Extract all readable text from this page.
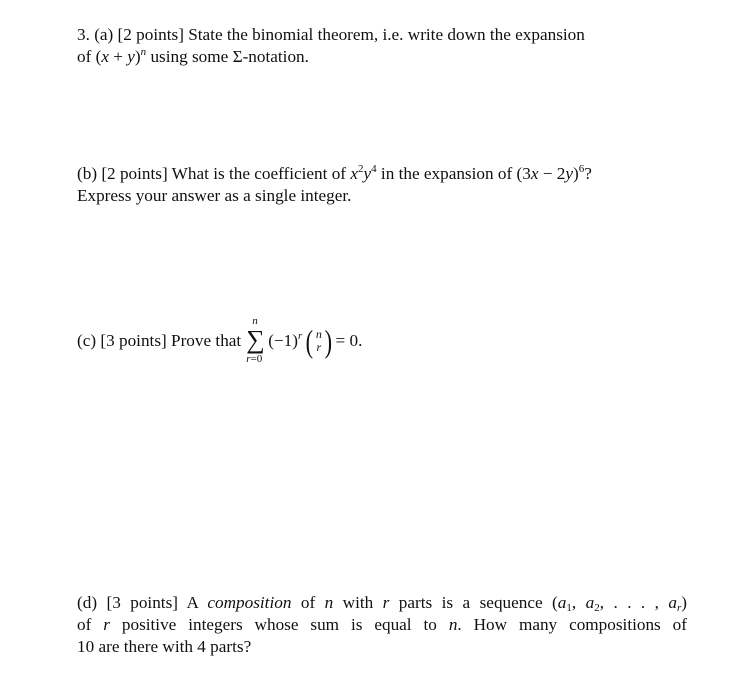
3. (a) [2 points] State the binomial theorem, i.e. write down the expansion
of $(x + y)^n$ using some Σ-notation.
(b) [2 points] What is the coefficient of $x^2y^4$ in the expansion of $(3x - 2y)^6$?
Express your answer as a single integer.
(c) [3 points] Prove that
n
∑
r=0
$(-1)^r$ ( n
r ) = 0.
(d) [3 points] A composition of n with r parts is a sequence ($a_1$, $a_2$, . . . , $a_r$)
of r positive integers whose sum is equal to n. How many compositions of
10 are there with 4 parts?
